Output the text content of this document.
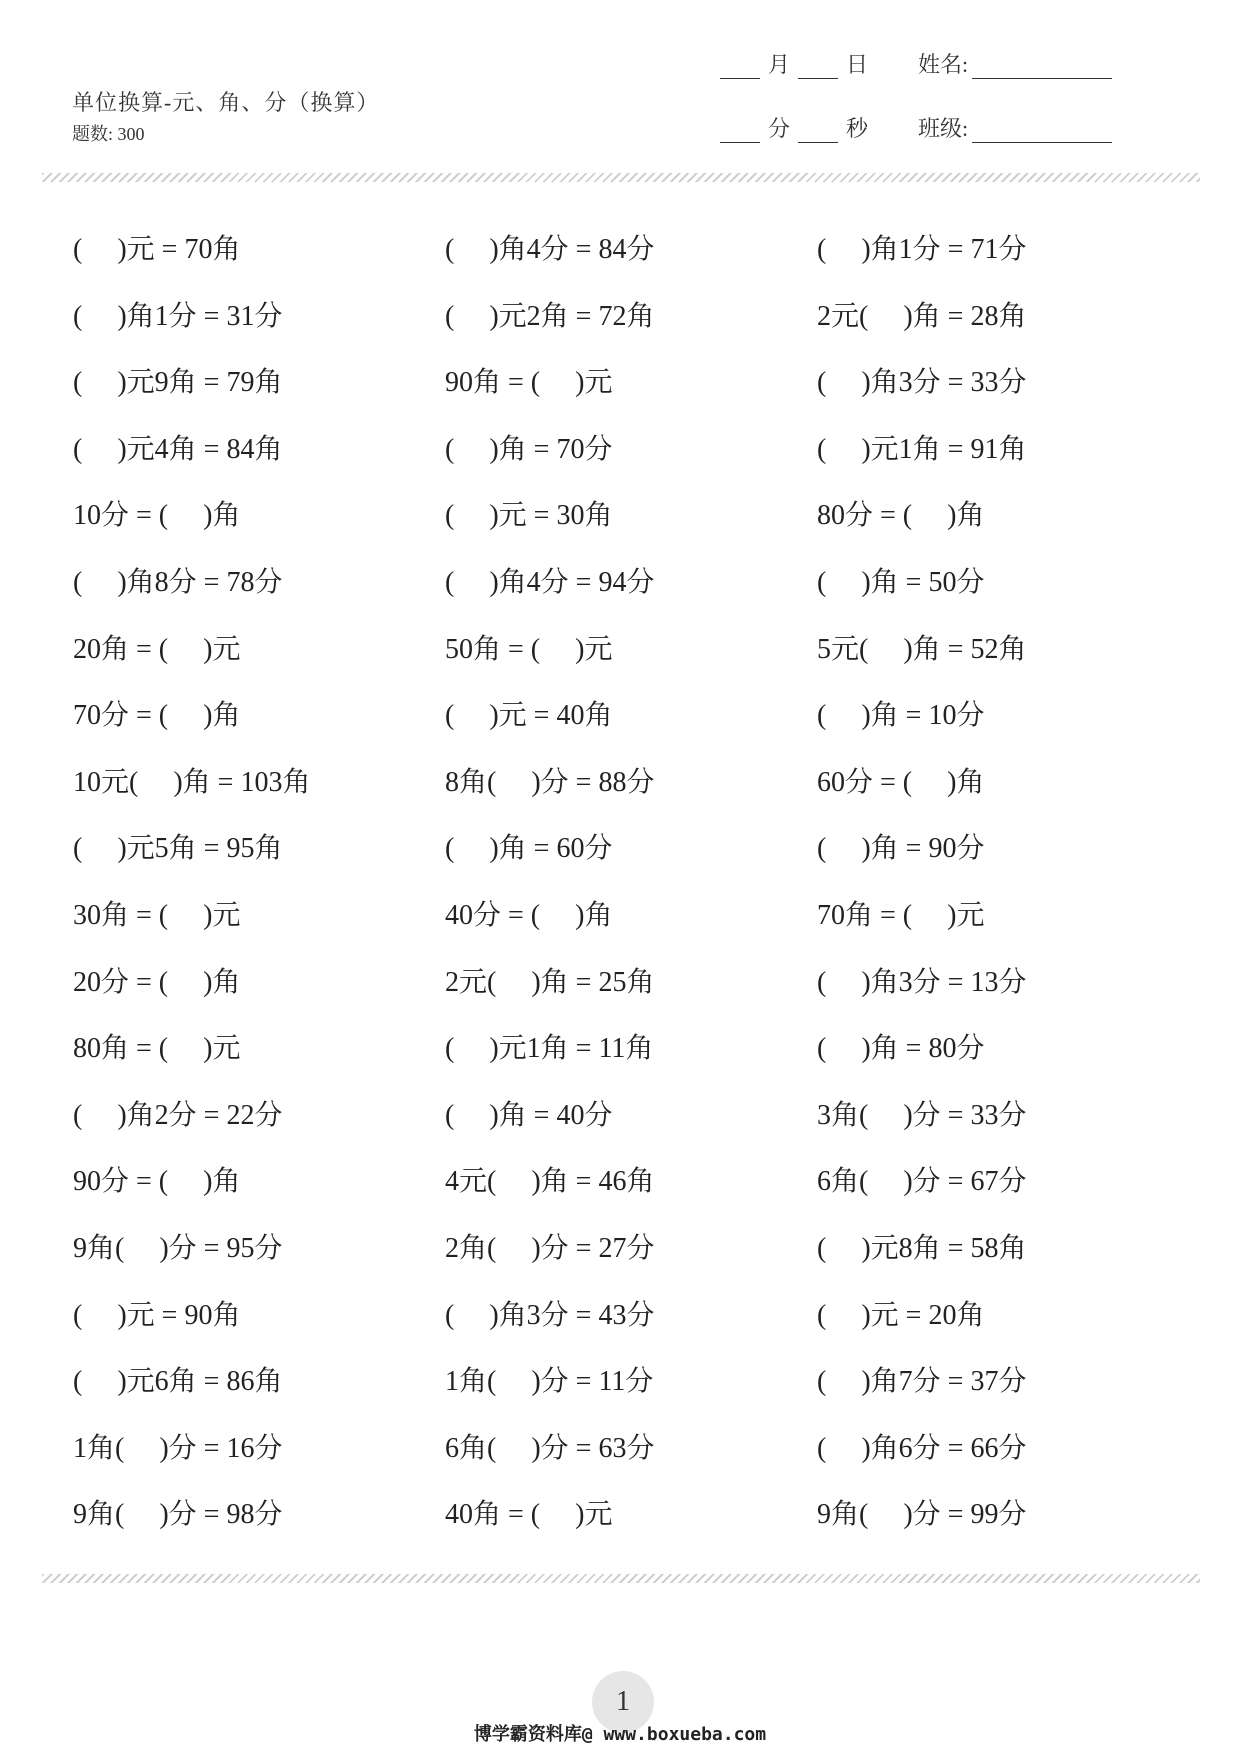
单位换算-元、角、分（换算）
题数: 300
月	日 姓名:
分	秒 班级:
(　 )元 = 70角	(　 )角4分 = 84分	(　 )角1分 = 71分
(　 )角1分 = 31分	(　 )元2角 = 72角	2元(　 )角 = 28角
(　 )元9角 = 79角	90角 = (　 )元	(　 )角3分 = 33分
(　 )元4角 = 84角	(　 )角 = 70分	(　 )元1角 = 91角
10分 = (　 )角	(　 )元 = 30角	80分 = (　 )角
(　 )角8分 = 78分	(　 )角4分 = 94分	(　 )角 = 50分
20角 = (　 )元	50角 = (　 )元	5元(　 )角 = 52角
70分 = (　 )角	(　 )元 = 40角	(　 )角 = 10分
10元(　 )角 = 103角	8角(　 )分 = 88分	60分 = (　 )角
(　 )元5角 = 95角	(　 )角 = 60分	(　 )角 = 90分
30角 = (　 )元	40分 = (　 )角	70角 = (　 )元
20分 = (　 )角	2元(　 )角 = 25角	(　 )角3分 = 13分
80角 = (　 )元	(　 )元1角 = 11角	(　 )角 = 80分
(　 )角2分 = 22分	(　 )角 = 40分	3角(　 )分 = 33分
90分 = (　 )角	4元(　 )角 = 46角	6角(　 )分 = 67分
9角(　 )分 = 95分	2角(　 )分 = 27分	(　 )元8角 = 58角
(　 )元 = 90角	(　 )角3分 = 43分	(　 )元 = 20角
(　 )元6角 = 86角	1角(　 )分 = 11分	(　 )角7分 = 37分
1角(　 )分 = 16分	6角(　 )分 = 63分	(　 )角6分 = 66分
9角(　 )分 = 98分	40角 = (　 )元	9角(　 )分 = 99分
1
博学霸资料库@ www.boxueba.com
